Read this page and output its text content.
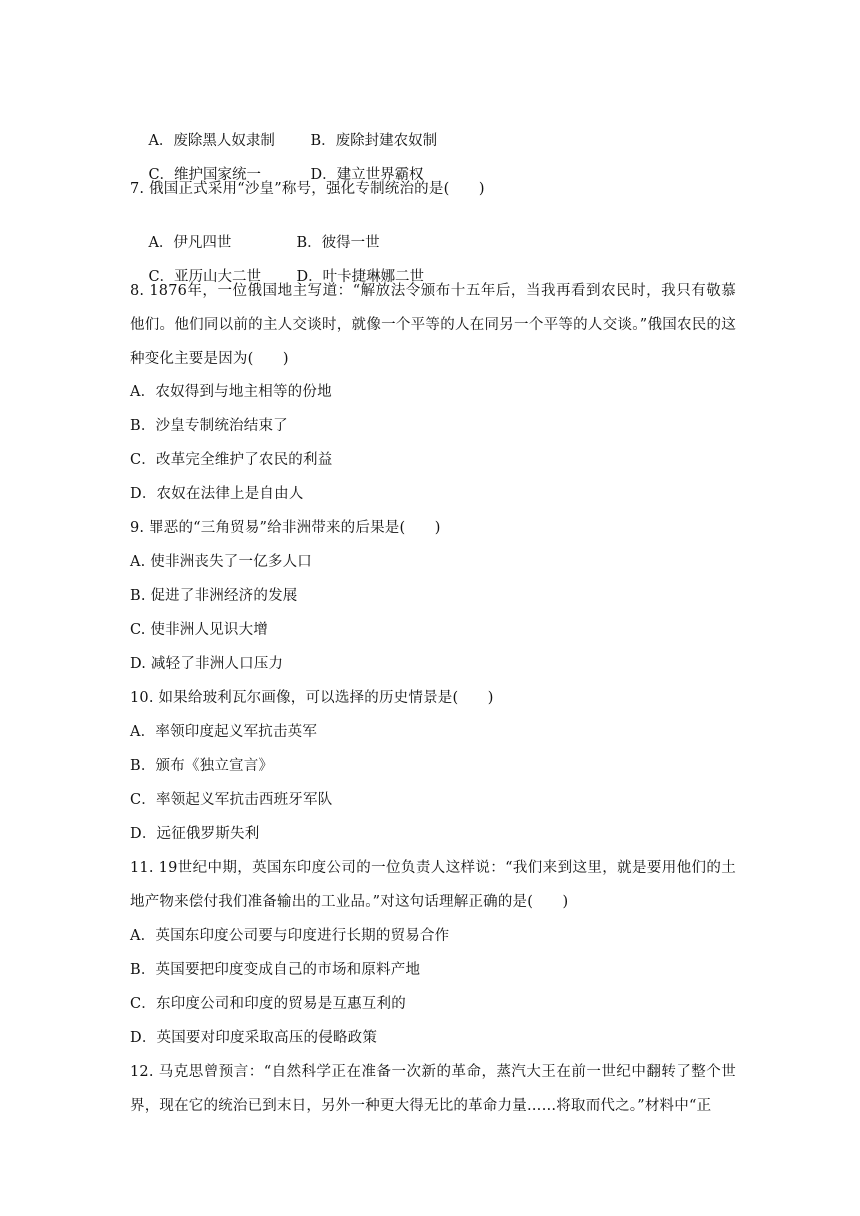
A．废除黑人奴隶制 B．废除封建农奴制

C．维护国家统一	D．建立世界霸权

7. 俄国正式采用“沙皇”称号，强化专制统治的是(　　)

A．伊凡四世	B．彼得一世

C．亚历山大二世 D．叶卡捷琳娜二世

8. 1876年，一位俄国地主写道：“解放法令颁布十五年后，当我再看到农民时，我只有敬慕他们。他们同以前的主人交谈时，就像一个平等的人在同另一个平等的人交谈。”俄国农民的这种变化主要是因为(　　)
A．农奴得到与地主相等的份地
B．沙皇专制统治结束了
C．改革完全维护了农民的利益
D．农奴在法律上是自由人
9. 罪恶的“三角贸易”给非洲带来的后果是(　　)
A. 使非洲丧失了一亿多人口
B. 促进了非洲经济的发展
C. 使非洲人见识大增
D. 减轻了非洲人口压力
10. 如果给玻利瓦尔画像，可以选择的历史情景是(　　)
A．率领印度起义军抗击英军
B．颁布《独立宣言》
C．率领起义军抗击西班牙军队
D．远征俄罗斯失利
11. 19世纪中期，英国东印度公司的一位负责人这样说：“我们来到这里，就是要用他们的土地产物来偿付我们准备输出的工业品。”对这句话理解正确的是(　　)
A．英国东印度公司要与印度进行长期的贸易合作
B．英国要把印度变成自己的市场和原料产地
C．东印度公司和印度的贸易是互惠互利的
D．英国要对印度采取高压的侵略政策
12. 马克思曾预言：“自然科学正在准备一次新的革命，蒸汽大王在前一世纪中翻转了整个世界，现在它的统治已到末日，另外一种更大得无比的革命力量……将取而代之。”材料中“正
